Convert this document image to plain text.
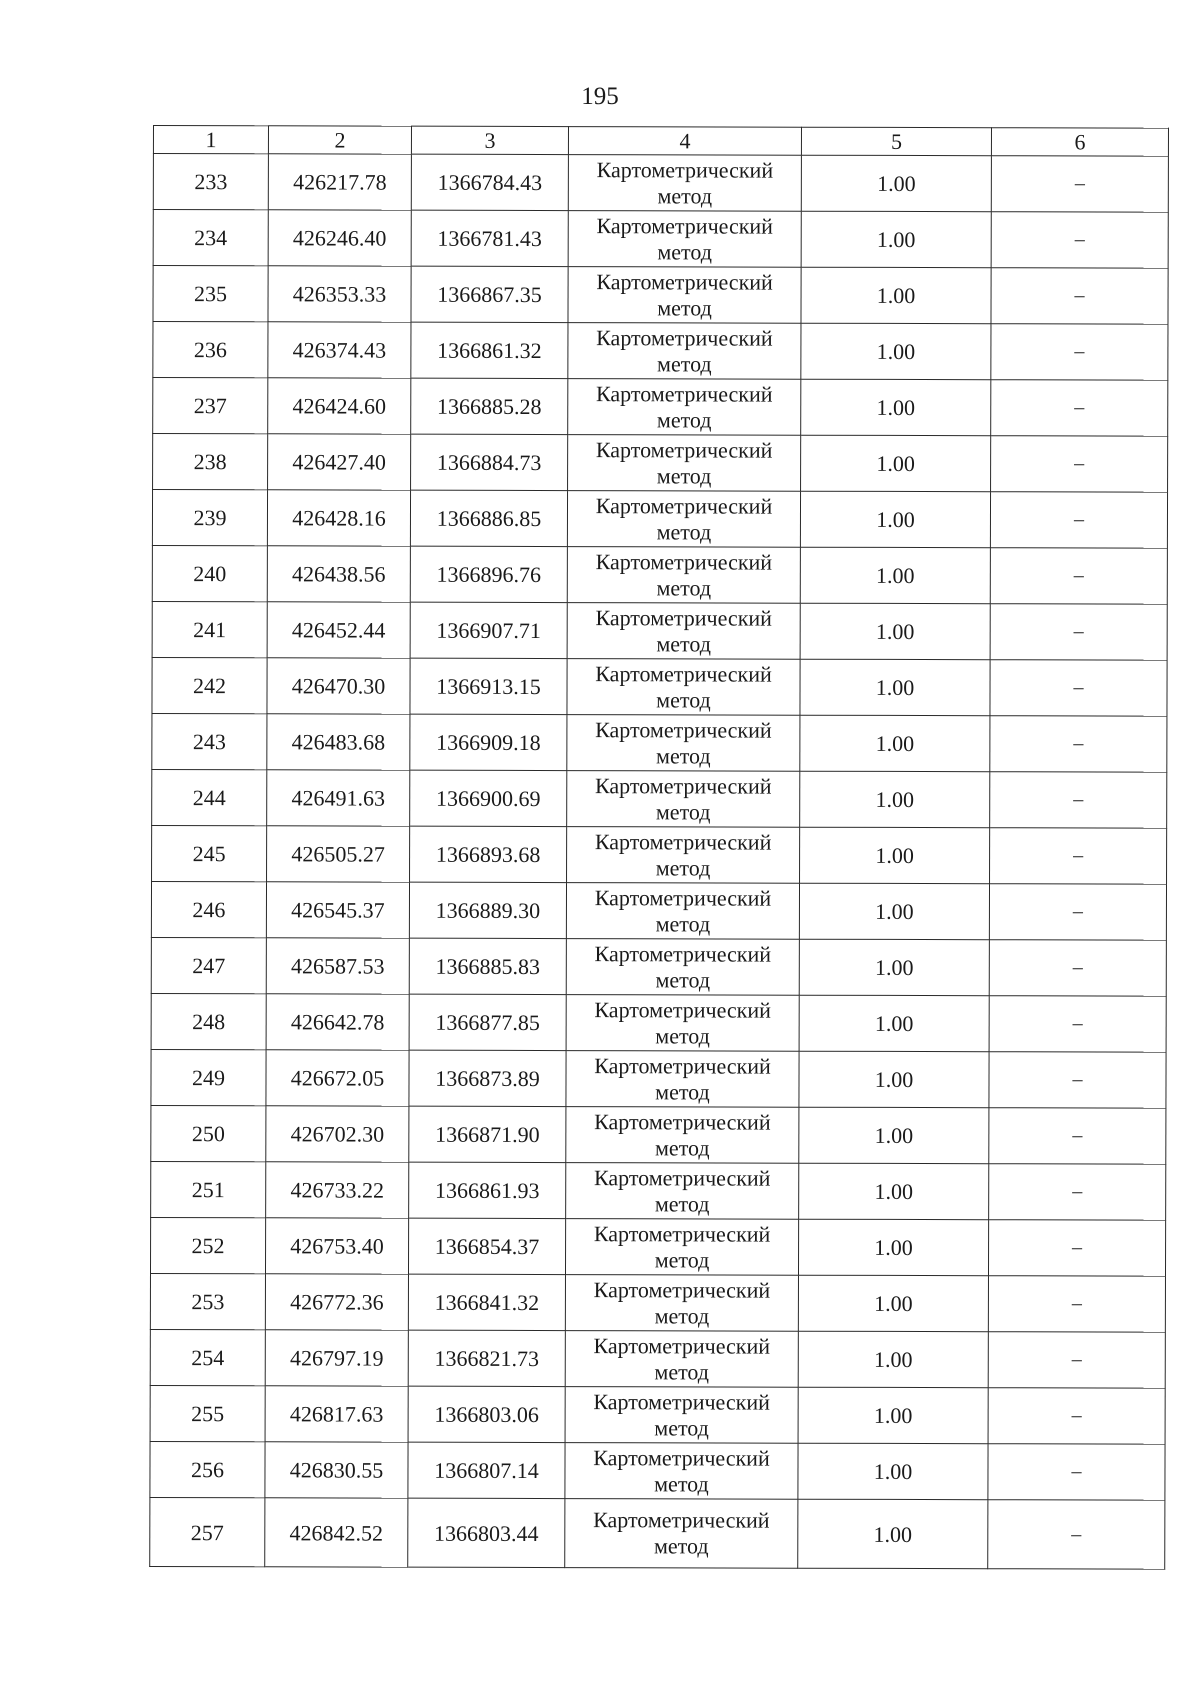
195
1	2	3	4	5	6
233	426217.78	1366784.43	Картометрический метод	1.00	–
234	426246.40	1366781.43	Картометрический метод	1.00	–
235	426353.33	1366867.35	Картометрический метод	1.00	–
236	426374.43	1366861.32	Картометрический метод	1.00	–
237	426424.60	1366885.28	Картометрический метод	1.00	–
238	426427.40	1366884.73	Картометрический метод	1.00	–
239	426428.16	1366886.85	Картометрический метод	1.00	–
240	426438.56	1366896.76	Картометрический метод	1.00	–
241	426452.44	1366907.71	Картометрический метод	1.00	–
242	426470.30	1366913.15	Картометрический метод	1.00	–
243	426483.68	1366909.18	Картометрический метод	1.00	–
244	426491.63	1366900.69	Картометрический метод	1.00	–
245	426505.27	1366893.68	Картометрический метод	1.00	–
246	426545.37	1366889.30	Картометрический метод	1.00	–
247	426587.53	1366885.83	Картометрический метод	1.00	–
248	426642.78	1366877.85	Картометрический метод	1.00	–
249	426672.05	1366873.89	Картометрический метод	1.00	–
250	426702.30	1366871.90	Картометрический метод	1.00	–
251	426733.22	1366861.93	Картометрический метод	1.00	–
252	426753.40	1366854.37	Картометрический метод	1.00	–
253	426772.36	1366841.32	Картометрический метод	1.00	–
254	426797.19	1366821.73	Картометрический метод	1.00	–
255	426817.63	1366803.06	Картометрический метод	1.00	–
256	426830.55	1366807.14	Картометрический метод	1.00	–
257	426842.52	1366803.44	Картометрический метод	1.00	–
